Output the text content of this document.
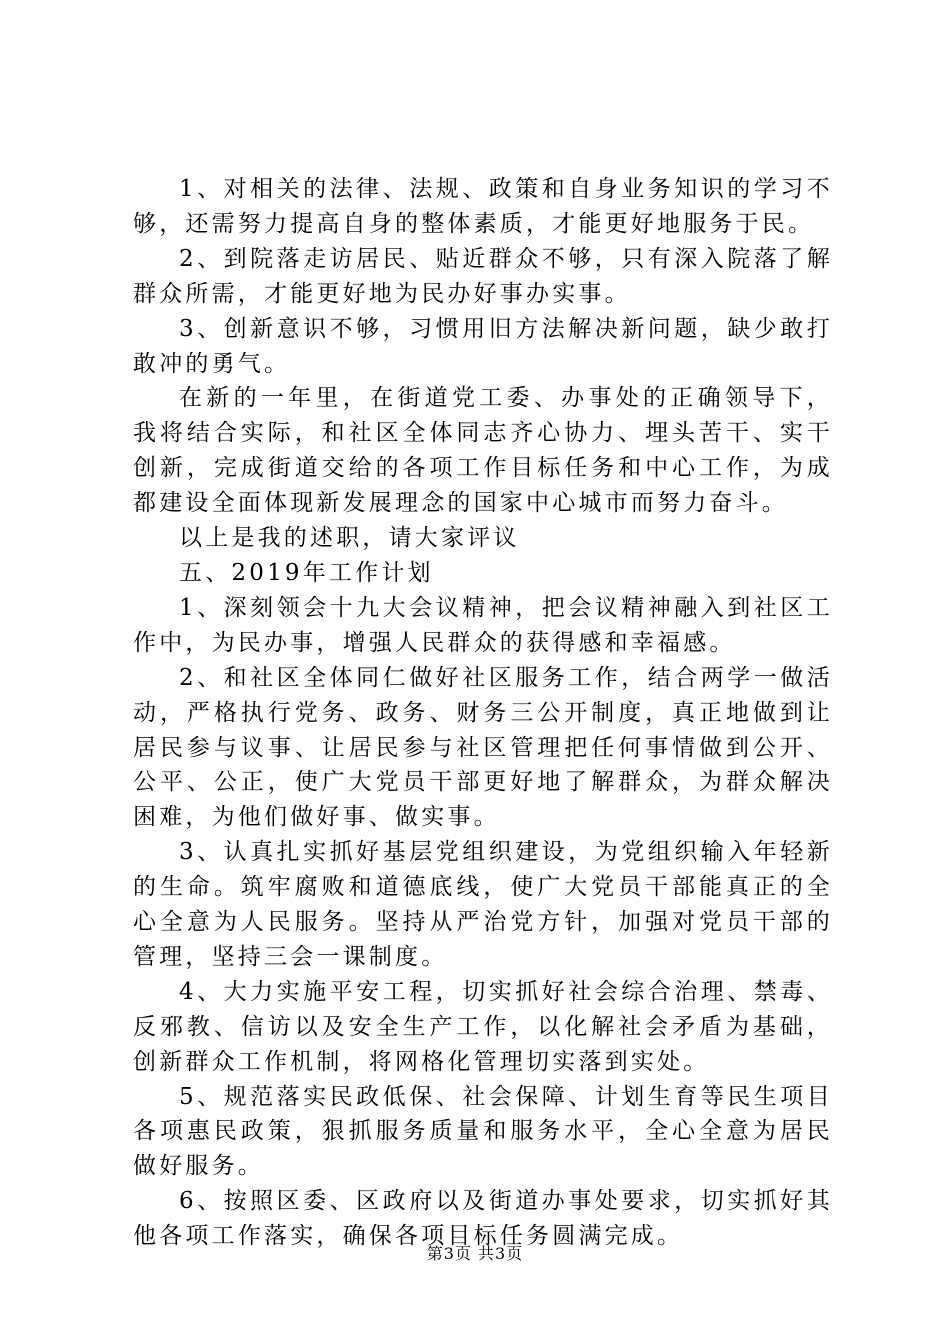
1、对相关的法律、法规、政策和自身业务知识的学习不够，还需努力提高自身的整体素质，才能更好地服务于民。

2、到院落走访居民、贴近群众不够，只有深入院落了解群众所需，才能更好地为民办好事办实事。

3、创新意识不够，习惯用旧方法解决新问题，缺少敢打敢冲的勇气。

在新的一年里，在街道党工委、办事处的正确领导下，我将结合实际，和社区全体同志齐心协力、埋头苦干、实干创新，完成街道交给的各项工作目标任务和中心工作，为成都建设全面体现新发展理念的国家中心城市而努力奋斗。

以上是我的述职，请大家评议

五、2019年工作计划

1、深刻领会十九大会议精神，把会议精神融入到社区工作中，为民办事，增强人民群众的获得感和幸福感。

2、和社区全体同仁做好社区服务工作，结合两学一做活动，严格执行党务、政务、财务三公开制度，真正地做到让居民参与议事、让居民参与社区管理把任何事情做到公开、公平、公正，使广大党员干部更好地了解群众，为群众解决困难，为他们做好事、做实事。

3、认真扎实抓好基层党组织建设，为党组织输入年轻新的生命。筑牢腐败和道德底线，使广大党员干部能真正的全心全意为人民服务。坚持从严治党方针，加强对党员干部的管理，坚持三会一课制度。

4、大力实施平安工程，切实抓好社会综合治理、禁毒、反邪教、信访以及安全生产工作，以化解社会矛盾为基础，创新群众工作机制，将网格化管理切实落到实处。

5、规范落实民政低保、社会保障、计划生育等民生项目各项惠民政策，狠抓服务质量和服务水平，全心全意为居民做好服务。

6、按照区委、区政府以及街道办事处要求，切实抓好其他各项工作落实，确保各项目标任务圆满完成。

第3页 共3页
